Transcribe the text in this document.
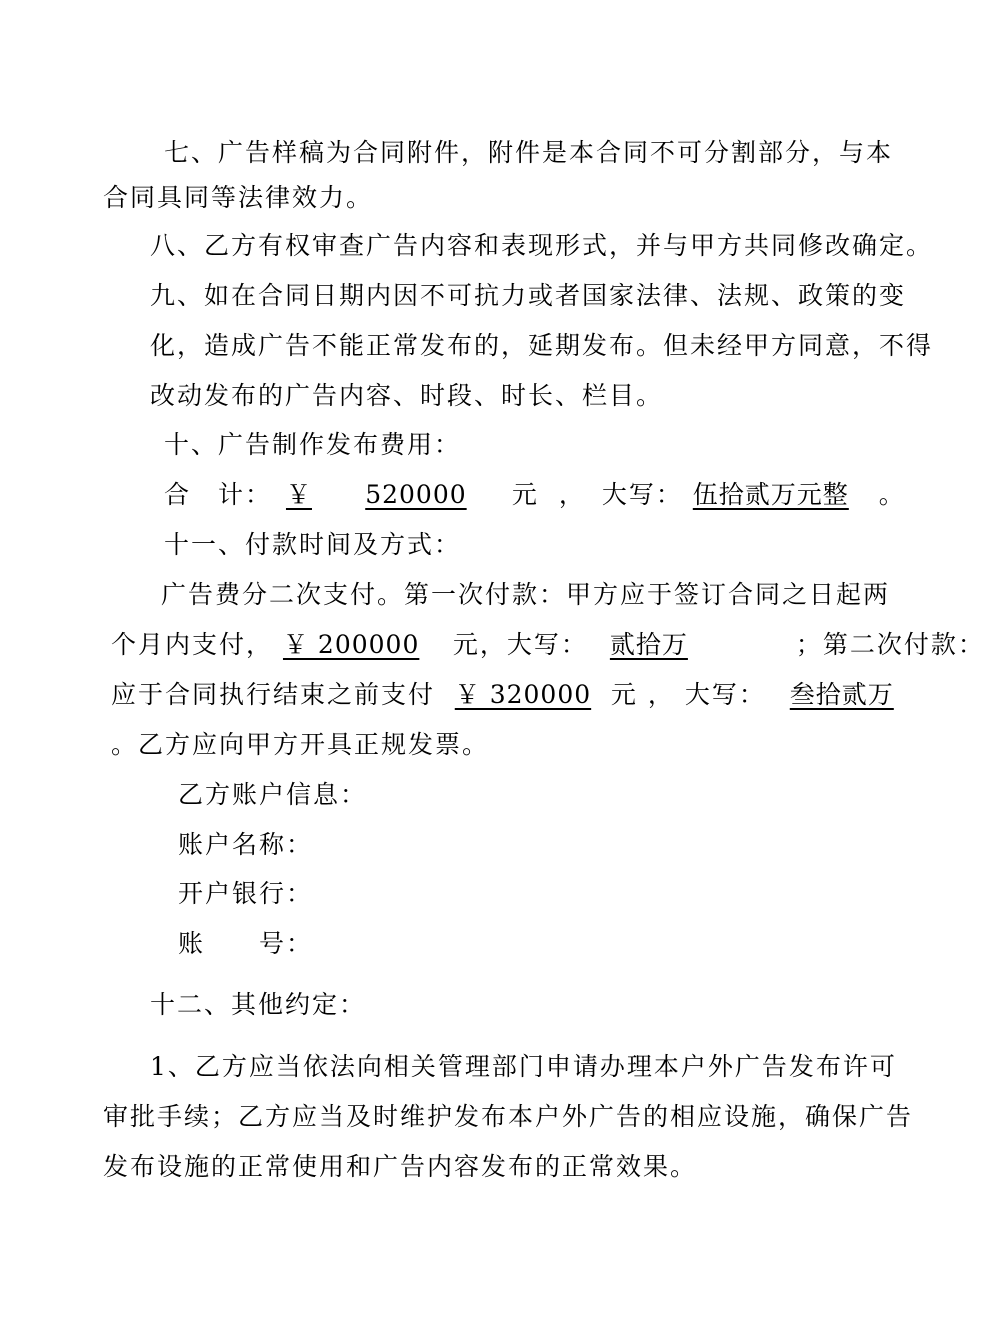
七、广告样稿为合同附件，附件是本合同不可分割部分，与本
合同具同等法律效力。
八、乙方有权审查广告内容和表现形式，并与甲方共同修改确定。
九、如在合同日期内因不可抗力或者国家法律、法规、政策的变
化，造成广告不能正常发布的，延期发布。但未经甲方同意，不得
改动发布的广告内容、时段、时长、栏目。
十、广告制作发布费用：
合　计： ￥ 520000 元 ， 大写： 伍拾贰万元整 。
十一、付款时间及方式：
广告费分二次支付。第一次付款：甲方应于签订合同之日起两
个月内支付， ￥ 200000 元，大写： 贰拾万	；第二次付款：
应于合同执行结束之前支付 ￥ 320000 元 ， 大写： 叁拾贰万
。乙方应向甲方开具正规发票。
乙方账户信息：
账户名称：
开户银行：
账　　号：
十二、其他约定：
1、乙方应当依法向相关管理部门申请办理本户外广告发布许可
审批手续；乙方应当及时维护发布本户外广告的相应设施，确保广告
发布设施的正常使用和广告内容发布的正常效果。
